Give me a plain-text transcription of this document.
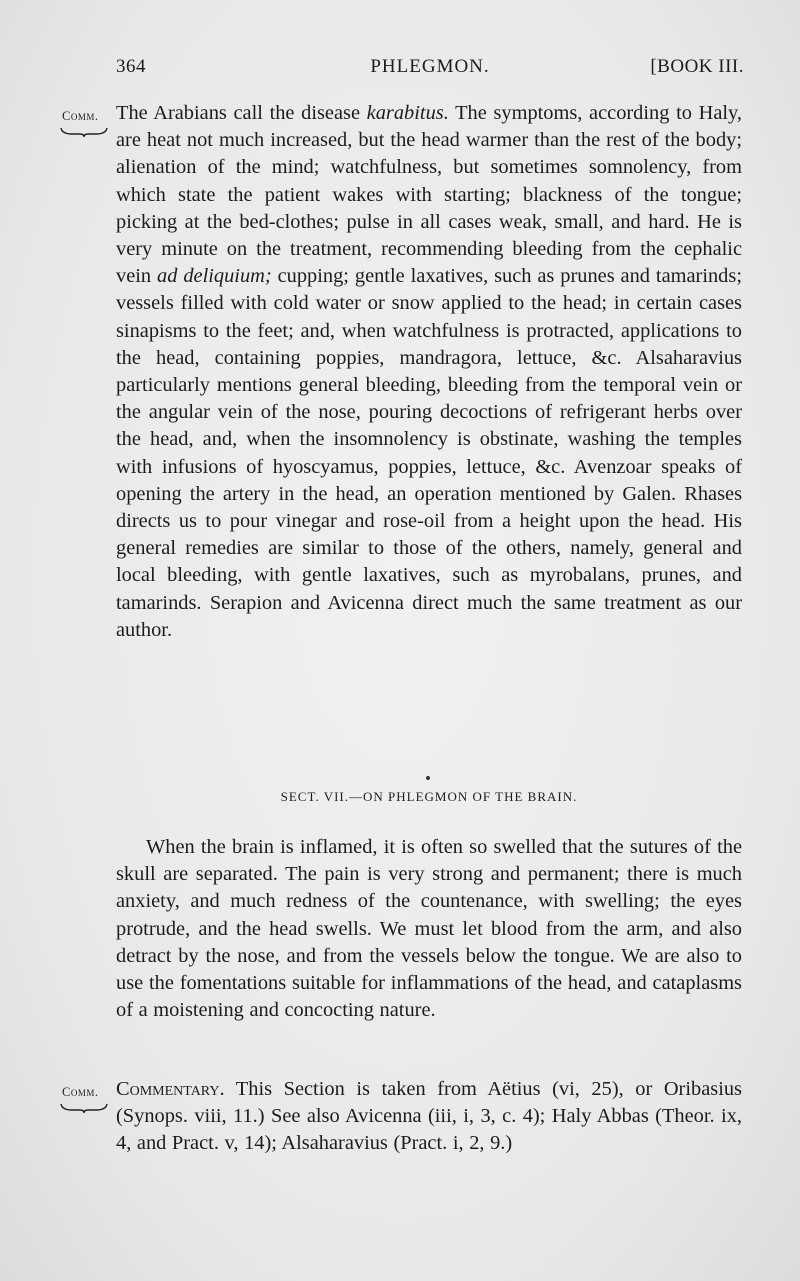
364	PHLEGMON.	[BOOK III.
Comm. The Arabians call the disease karabitus. The symptoms, according to Haly, are heat not much increased, but the head warmer than the rest of the body; alienation of the mind; watchfulness, but sometimes somnolency, from which state the patient wakes with starting; blackness of the tongue; picking at the bed-clothes; pulse in all cases weak, small, and hard. He is very minute on the treatment, recommending bleeding from the cephalic vein ad deliquium; cupping; gentle laxatives, such as prunes and tamarinds; vessels filled with cold water or snow applied to the head; in certain cases sinapisms to the feet; and, when watchfulness is protracted, applications to the head, containing poppies, mandragora, lettuce, &c. Alsaharavius particularly mentions general bleeding, bleeding from the temporal vein or the angular vein of the nose, pouring decoctions of refrigerant herbs over the head, and, when the insomnolency is obstinate, washing the temples with infusions of hyoscyamus, poppies, lettuce, &c. Avenzoar speaks of opening the artery in the head, an operation mentioned by Galen. Rhases directs us to pour vinegar and rose-oil from a height upon the head. His general remedies are similar to those of the others, namely, general and local bleeding, with gentle laxatives, such as myrobalans, prunes, and tamarinds. Serapion and Avicenna direct much the same treatment as our author.
SECT. VII.—ON PHLEGMON OF THE BRAIN.
When the brain is inflamed, it is often so swelled that the sutures of the skull are separated. The pain is very strong and permanent; there is much anxiety, and much redness of the countenance, with swelling; the eyes protrude, and the head swells. We must let blood from the arm, and also detract by the nose, and from the vessels below the tongue. We are also to use the fomentations suitable for inflammations of the head, and cataplasms of a moistening and concocting nature.
Comm. Commentary. This Section is taken from Aëtius (vi, 25), or Oribasius (Synops. viii, 11.) See also Avicenna (iii, i, 3, c. 4); Haly Abbas (Theor. ix, 4, and Pract. v, 14); Alsaharavius (Pract. i, 2, 9.)
